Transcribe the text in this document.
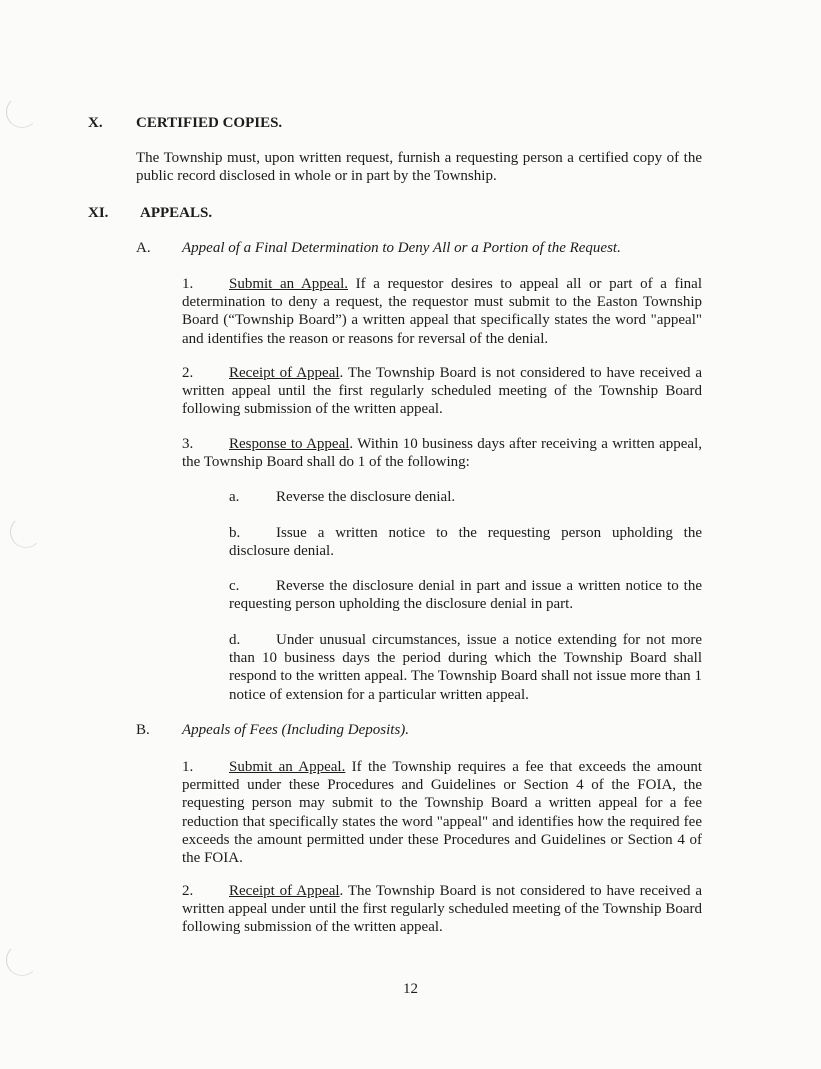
X. CERTIFIED COPIES.
The Township must, upon written request, furnish a requesting person a certified copy of the public record disclosed in whole or in part by the Township.
XI. APPEALS.
A. Appeal of a Final Determination to Deny All or a Portion of the Request.
1. Submit an Appeal. If a requestor desires to appeal all or part of a final determination to deny a request, the requestor must submit to the Easton Township Board (“Township Board”) a written appeal that specifically states the word "appeal" and identifies the reason or reasons for reversal of the denial.
2. Receipt of Appeal. The Township Board is not considered to have received a written appeal until the first regularly scheduled meeting of the Township Board following submission of the written appeal.
3. Response to Appeal. Within 10 business days after receiving a written appeal, the Township Board shall do 1 of the following:
a. Reverse the disclosure denial.
b. Issue a written notice to the requesting person upholding the disclosure denial.
c. Reverse the disclosure denial in part and issue a written notice to the requesting person upholding the disclosure denial in part.
d. Under unusual circumstances, issue a notice extending for not more than 10 business days the period during which the Township Board shall respond to the written appeal. The Township Board shall not issue more than 1 notice of extension for a particular written appeal.
B. Appeals of Fees (Including Deposits).
1. Submit an Appeal. If the Township requires a fee that exceeds the amount permitted under these Procedures and Guidelines or Section 4 of the FOIA, the requesting person may submit to the Township Board a written appeal for a fee reduction that specifically states the word "appeal" and identifies how the required fee exceeds the amount permitted under these Procedures and Guidelines or Section 4 of the FOIA.
2. Receipt of Appeal. The Township Board is not considered to have received a written appeal under until the first regularly scheduled meeting of the Township Board following submission of the written appeal.
12
